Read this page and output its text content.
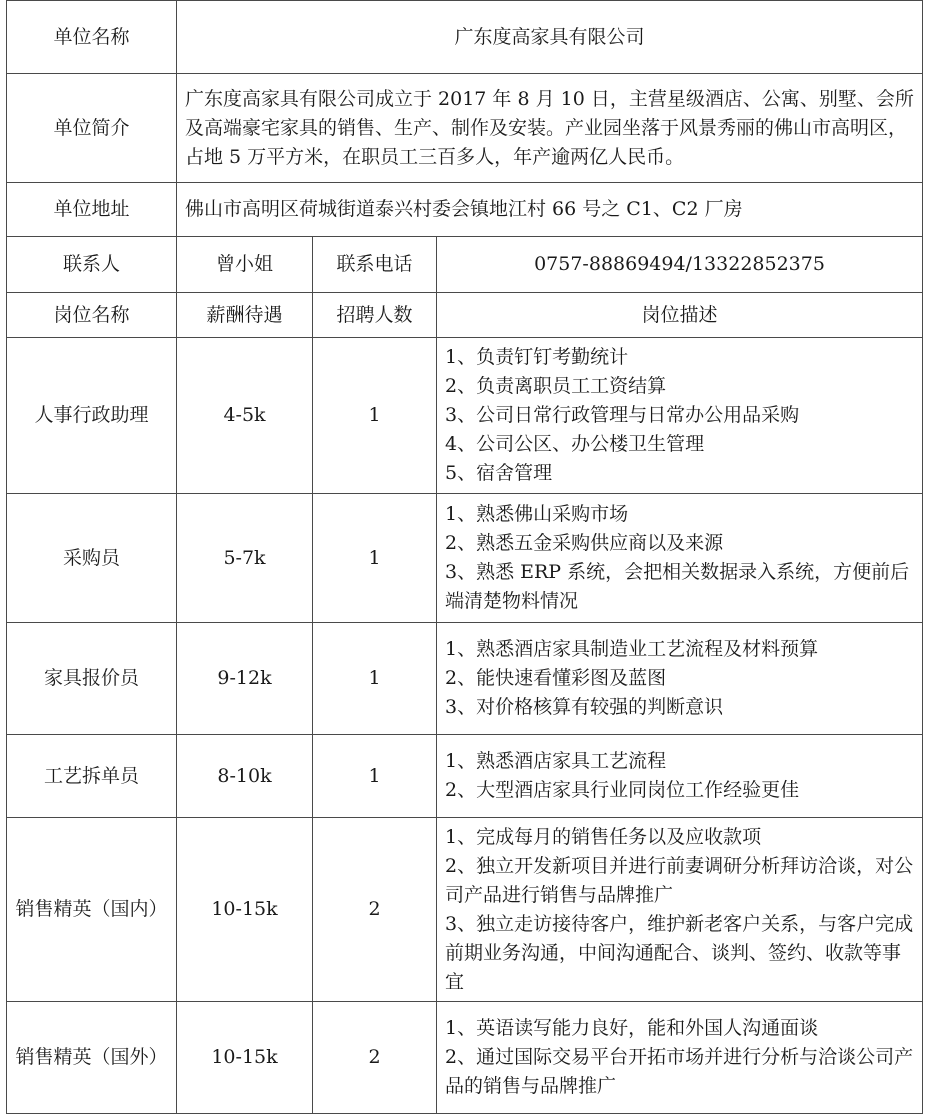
单位名称	广东度高家具有限公司		
单位简介	广东度高家具有限公司成立于 2017 年 8 月 10 日，主营星级酒店、公寓、别墅、会所及高端豪宅家具的销售、生产、制作及安装。产业园坐落于风景秀丽的佛山市高明区，占地 5 万平方米，在职员工三百多人，年产逾两亿人民币。		
单位地址	佛山市高明区荷城街道泰兴村委会镇地江村 66 号之 C1、C2 厂房		
联系人	曾小姐	联系电话	0757-88869494/13322852375
岗位名称	薪酬待遇	招聘人数	岗位描述
人事行政助理	4-5k	1	1、负责钉钉考勤统计
2、负责离职员工工资结算
3、公司日常行政管理与日常办公用品采购
4、公司公区、办公楼卫生管理
5、宿舍管理

采购员	5-7k	1	1、熟悉佛山采购市场
2、熟悉五金采购供应商以及来源
3、熟悉 ERP 系统，会把相关数据录入系统，方便前后端清楚物料情况

家具报价员	9-12k	1	1、熟悉酒店家具制造业工艺流程及材料预算
2、能快速看懂彩图及蓝图
3、对价格核算有较强的判断意识

工艺拆单员	8-10k	1	1、熟悉酒店家具工艺流程
2、大型酒店家具行业同岗位工作经验更佳

销售精英（国内）	10-15k	2	1、完成每月的销售任务以及应收款项
2、独立开发新项目并进行前妻调研分析拜访洽谈，对公司产品进行销售与品牌推广
3、独立走访接待客户，维护新老客户关系，与客户完成前期业务沟通，中间沟通配合、谈判、签约、收款等事宜

销售精英（国外）	10-15k	2	1、英语读写能力良好，能和外国人沟通面谈
2、通过国际交易平台开拓市场并进行分析与洽谈公司产品的销售与品牌推广
